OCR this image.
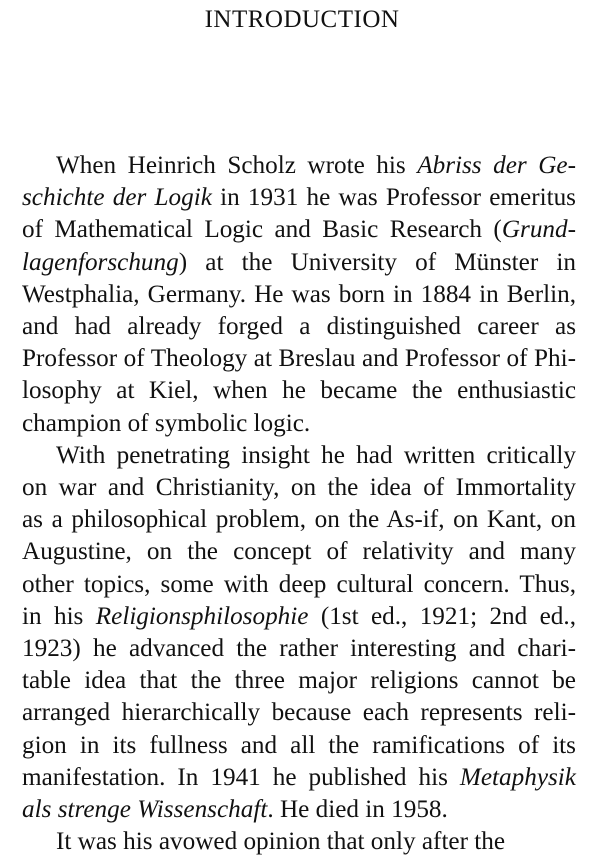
INTRODUCTION
When Heinrich Scholz wrote his Abriss der Ge-
schichte der Logik in 1931 he was Professor emeritus
of Mathematical Logic and Basic Research (Grund-
lagenforschung) at the University of Münster in
Westphalia, Germany. He was born in 1884 in Berlin,
and had already forged a distinguished career as
Professor of Theology at Breslau and Professor of Phi-
losophy at Kiel, when he became the enthusiastic
champion of symbolic logic.
With penetrating insight he had written critically
on war and Christianity, on the idea of Immortality
as a philosophical problem, on the As-if, on Kant, on
Augustine, on the concept of relativity and many
other topics, some with deep cultural concern. Thus,
in his Religionsphilosophie (1st ed., 1921; 2nd ed.,
1923) he advanced the rather interesting and chari-
table idea that the three major religions cannot be
arranged hierarchically because each represents reli-
gion in its fullness and all the ramifications of its
manifestation. In 1941 he published his Metaphysik
als strenge Wissenschaft. He died in 1958.
It was his avowed opinion that only after the
